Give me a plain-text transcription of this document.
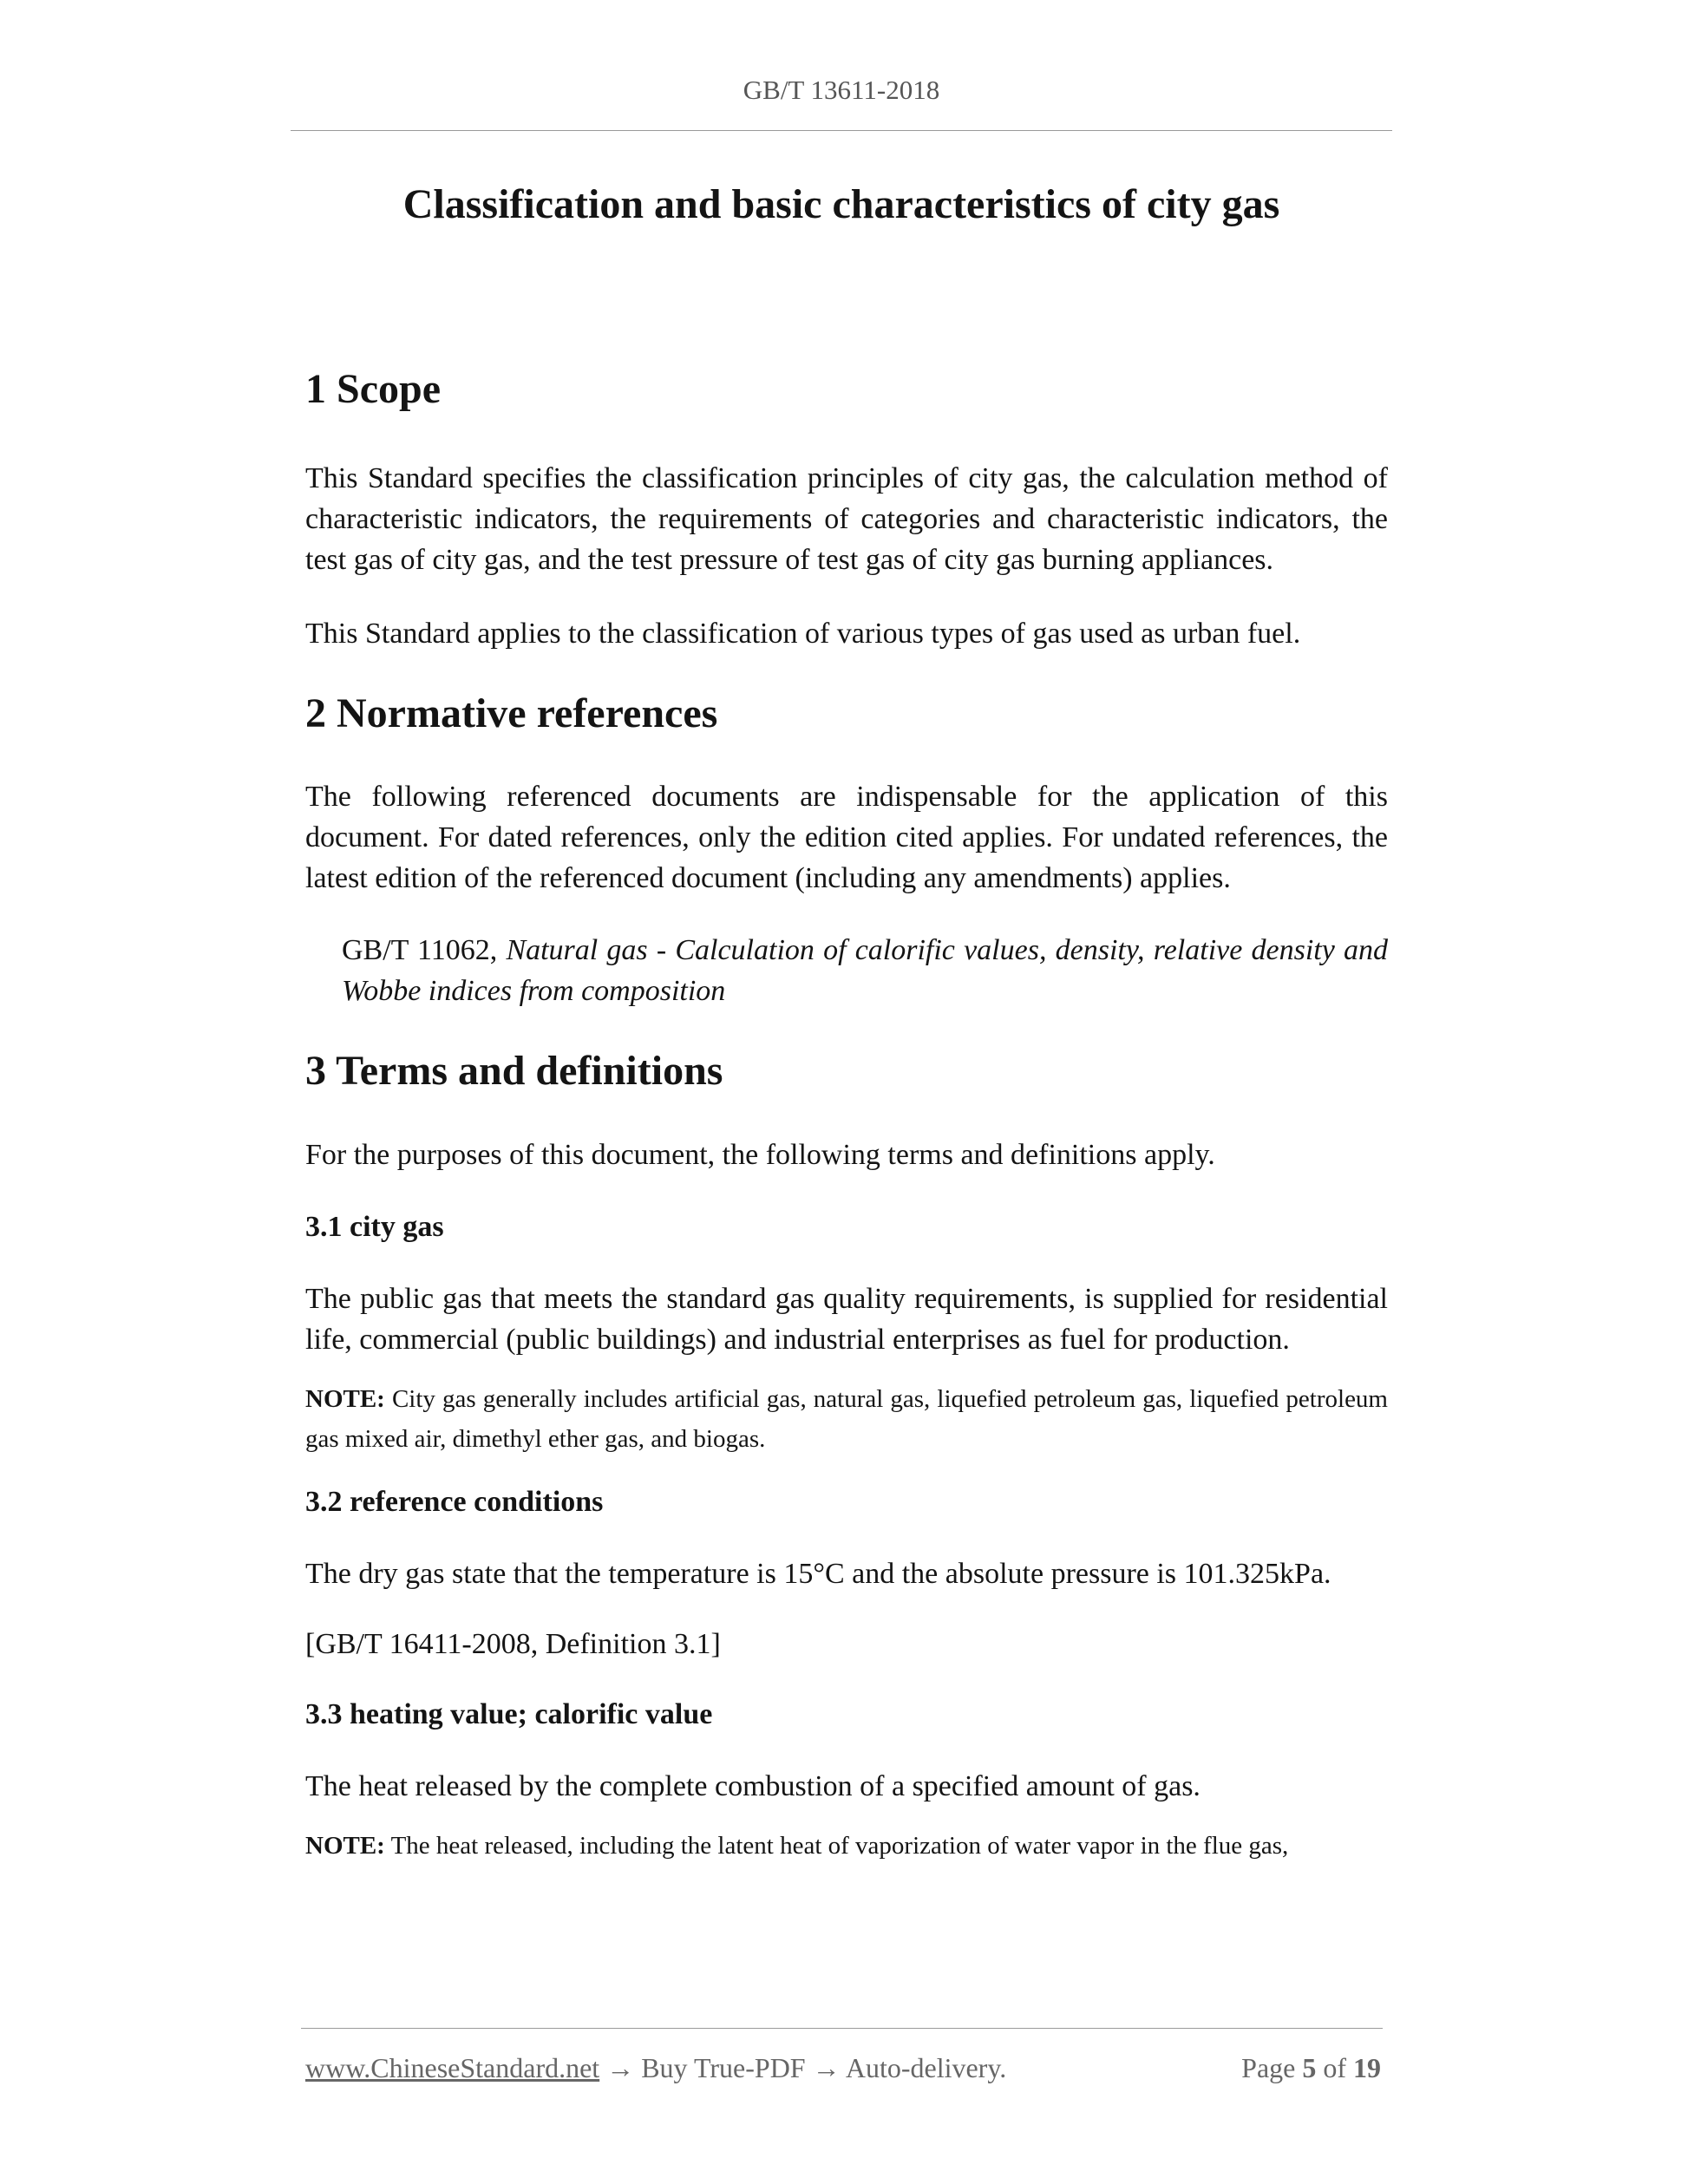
GB/T 13611-2018
Classification and basic characteristics of city gas
1 Scope

This Standard specifies the classification principles of city gas, the calculation method of characteristic indicators, the requirements of categories and characteristic indicators, the test gas of city gas, and the test pressure of test gas of city gas burning appliances.

This Standard applies to the classification of various types of gas used as urban fuel.

2 Normative references

The following referenced documents are indispensable for the application of this document. For dated references, only the edition cited applies. For undated references, the latest edition of the referenced document (including any amendments) applies.

GB/T 11062, Natural gas - Calculation of calorific values, density, relative density and Wobbe indices from composition

3 Terms and definitions

For the purposes of this document, the following terms and definitions apply.

3.1 city gas

The public gas that meets the standard gas quality requirements, is supplied for residential life, commercial (public buildings) and industrial enterprises as fuel for production.

NOTE: City gas generally includes artificial gas, natural gas, liquefied petroleum gas, liquefied petroleum gas mixed air, dimethyl ether gas, and biogas.

3.2 reference conditions

The dry gas state that the temperature is 15°C and the absolute pressure is 101.325kPa.

[GB/T 16411-2008, Definition 3.1]

3.3 heating value; calorific value

The heat released by the complete combustion of a specified amount of gas.

NOTE: The heat released, including the latent heat of vaporization of water vapor in the flue gas,

www.ChineseStandard.net → Buy True-PDF → Auto-delivery.	Page 5 of 19
